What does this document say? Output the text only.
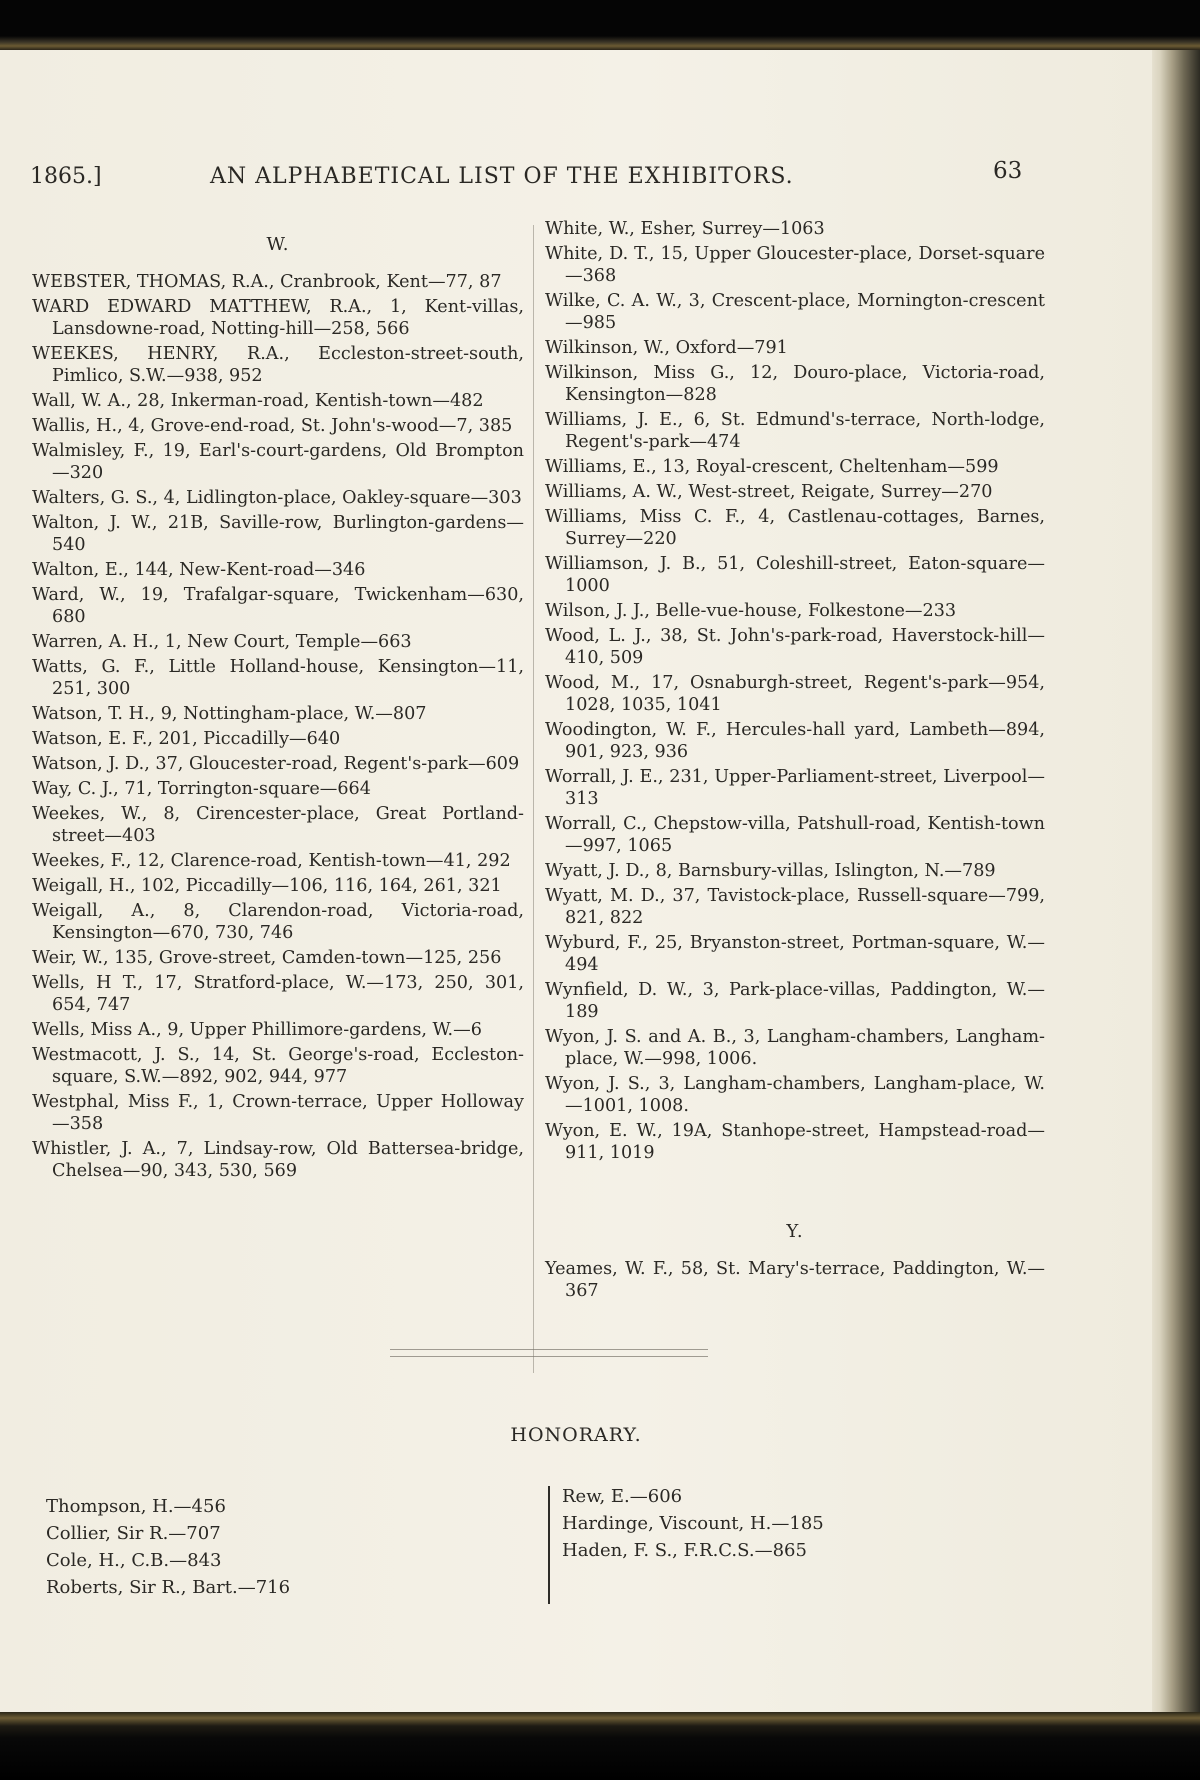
1865.]	AN ALPHABETICAL LIST OF THE EXHIBITORS.	63
W.
WEBSTER, THOMAS, R.A., Cranbrook, Kent—77, 87
WARD EDWARD MATTHEW, R.A., 1, Kent-villas, Lansdowne-road, Notting-hill—258, 566
WEEKES, HENRY, R.A., Eccleston-street-south, Pimlico, S.W.—938, 952
Wall, W. A., 28, Inkerman-road, Kentish-town—482
Wallis, H., 4, Grove-end-road, St. John's-wood—7, 385
Walmisley, F., 19, Earl's-court-gardens, Old Brompton—320
Walters, G. S., 4, Lidlington-place, Oakley-square—303
Walton, J. W., 21B, Saville-row, Burlington-gardens—540
Walton, E., 144, New-Kent-road—346
Ward, W., 19, Trafalgar-square, Twickenham—630, 680
Warren, A. H., 1, New Court, Temple—663
Watts, G. F., Little Holland-house, Kensington—11, 251, 300
Watson, T. H., 9, Nottingham-place, W.—807
Watson, E. F., 201, Piccadilly—640
Watson, J. D., 37, Gloucester-road, Regent's-park—609
Way, C. J., 71, Torrington-square—664
Weekes, W., 8, Cirencester-place, Great Portland-street—403
Weekes, F., 12, Clarence-road, Kentish-town—41, 292
Weigall, H., 102, Piccadilly—106, 116, 164, 261, 321
Weigall, A., 8, Clarendon-road, Victoria-road, Kensington—670, 730, 746
Weir, W., 135, Grove-street, Camden-town—125, 256
Wells, H T., 17, Stratford-place, W.—173, 250, 301, 654, 747
Wells, Miss A., 9, Upper Phillimore-gardens, W.—6
Westmacott, J. S., 14, St. George's-road, Eccleston-square, S.W.—892, 902, 944, 977
Westphal, Miss F., 1, Crown-terrace, Upper Holloway—358
Whistler, J. A., 7, Lindsay-row, Old Battersea-bridge, Chelsea—90, 343, 530, 569
White, W., Esher, Surrey—1063
White, D. T., 15, Upper Gloucester-place, Dorset-square—368
Wilke, C. A. W., 3, Crescent-place, Mornington-crescent—985
Wilkinson, W., Oxford—791
Wilkinson, Miss G., 12, Douro-place, Victoria-road, Kensington—828
Williams, J. E., 6, St. Edmund's-terrace, North-lodge, Regent's-park—474
Williams, E., 13, Royal-crescent, Cheltenham—599
Williams, A. W., West-street, Reigate, Surrey—270
Williams, Miss C. F., 4, Castlenau-cottages, Barnes, Surrey—220
Williamson, J. B., 51, Coleshill-street, Eaton-square—1000
Wilson, J. J., Belle-vue-house, Folkestone—233
Wood, L. J., 38, St. John's-park-road, Haverstock-hill—410, 509
Wood, M., 17, Osnaburgh-street, Regent's-park—954, 1028, 1035, 1041
Woodington, W. F., Hercules-hall yard, Lambeth—894, 901, 923, 936
Worrall, J. E., 231, Upper-Parliament-street, Liverpool—313
Worrall, C., Chepstow-villa, Patshull-road, Kentish-town—997, 1065
Wyatt, J. D., 8, Barnsbury-villas, Islington, N.—789
Wyatt, M. D., 37, Tavistock-place, Russell-square—799, 821, 822
Wyburd, F., 25, Bryanston-street, Portman-square, W.—494
Wynfield, D. W., 3, Park-place-villas, Paddington, W.—189
Wyon, J. S. and A. B., 3, Langham-chambers, Langham-place, W.—998, 1006.
Wyon, J. S., 3, Langham-chambers, Langham-place, W.—1001, 1008.
Wyon, E. W., 19A, Stanhope-street, Hampstead-road—911, 1019
Y.
Yeames, W. F., 58, St. Mary's-terrace, Paddington, W.—367
HONORARY.
Thompson, H.—456
Collier, Sir R.—707
Cole, H., C.B.—843
Roberts, Sir R., Bart.—716
Rew, E.—606
Hardinge, Viscount, H.—185
Haden, F. S., F.R.C.S.—865
